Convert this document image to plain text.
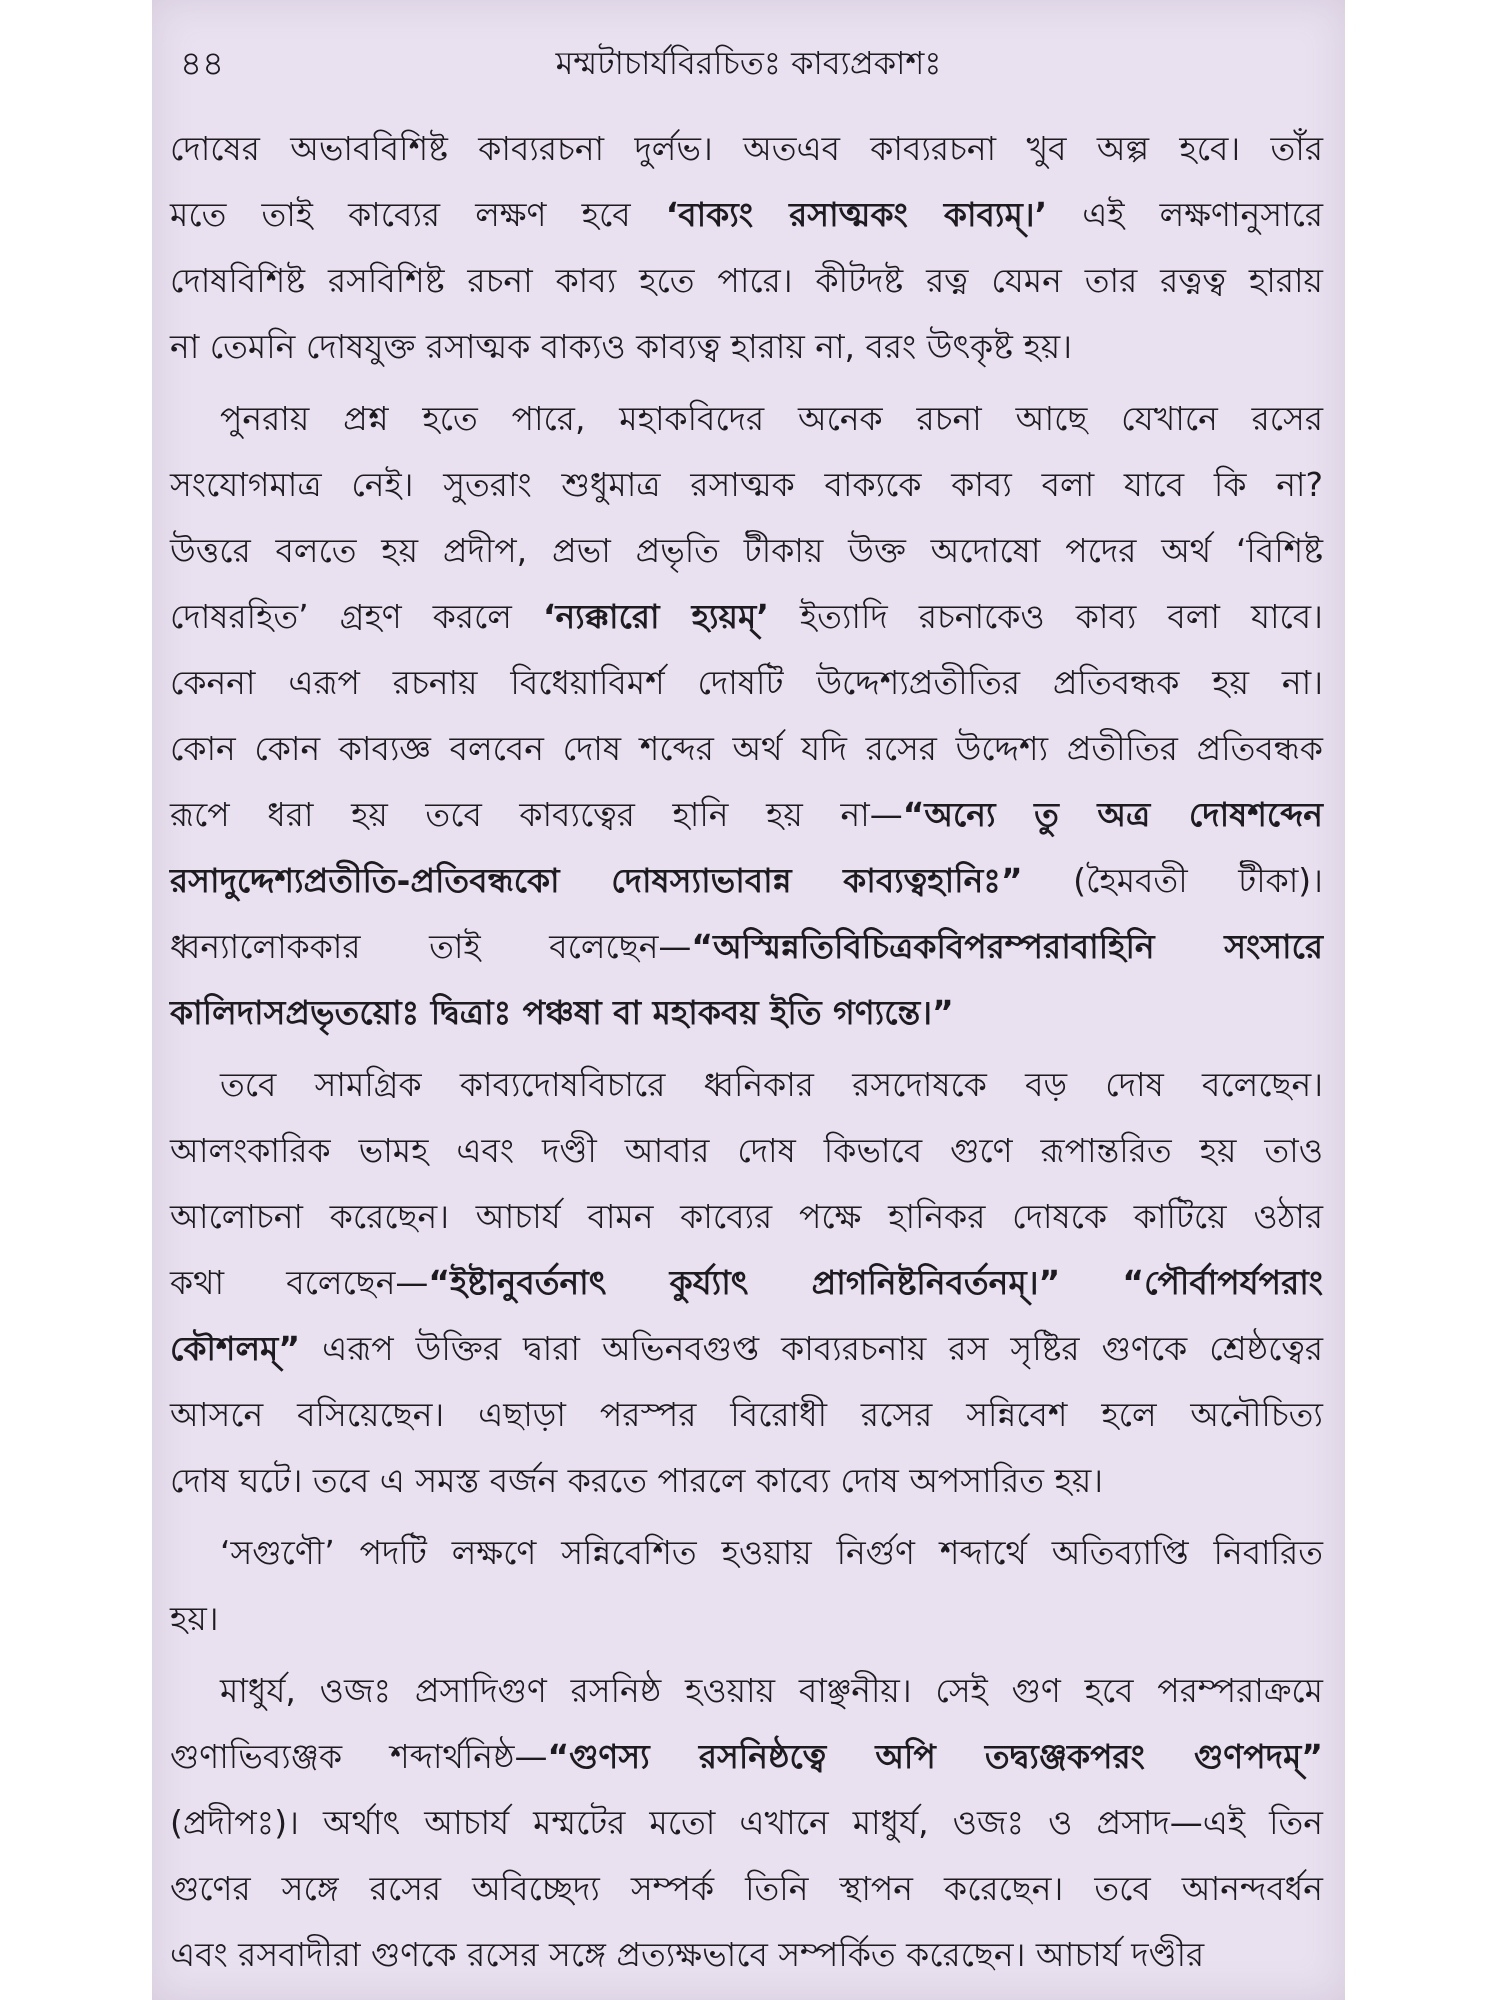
৪৪	মম্মটাচার্যবিরচিতঃ কাব্যপ্রকাশঃ
দোষের অভাববিশিষ্ট কাব্যরচনা দুর্লভ। অতএব কাব্যরচনা খুব অল্প হবে। তাঁর
মতে তাই কাব্যের লক্ষণ হবে ‘বাক্যং রসাত্মকং কাব্যম্।’ এই লক্ষণানুসারে
দোষবিশিষ্ট রসবিশিষ্ট রচনা কাব্য হতে পারে। কীটদষ্ট রত্ন যেমন তার রত্নত্ব হারায়
না তেমনি দোষযুক্ত রসাত্মক বাক্যও কাব্যত্ব হারায় না, বরং উৎকৃষ্ট হয়।
পুনরায় প্রশ্ন হতে পারে, মহাকবিদের অনেক রচনা আছে যেখানে রসের
সংযোগমাত্র নেই। সুতরাং শুধুমাত্র রসাত্মক বাক্যকে কাব্য বলা যাবে কি না?
উত্তরে বলতে হয় প্রদীপ, প্রভা প্রভৃতি টীকায় উক্ত অদোষো পদের অর্থ ‘বিশিষ্ট
দোষরহিত’ গ্রহণ করলে ‘ন্যক্কারো হ্যয়ম্’ ইত্যাদি রচনাকেও কাব্য বলা যাবে।
কেননা এরূপ রচনায় বিধেয়াবিমর্শ দোষটি উদ্দেশ্যপ্রতীতির প্রতিবন্ধক হয় না।
কোন কোন কাব্যজ্ঞ বলবেন দোষ শব্দের অর্থ যদি রসের উদ্দেশ্য প্রতীতির প্রতিবন্ধক
রূপে ধরা হয় তবে কাব্যত্বের হানি হয় না—“অন্যে তু অত্র দোষশব্দেন
রসাদুদ্দেশ্যপ্রতীতি-প্রতিবন্ধকো দোষস্যাভাবান্ন কাব্যত্বহানিঃ” (হৈমবতী টীকা)।
ধ্বন্যালোককার তাই বলেছেন—“অস্মিন্নতিবিচিত্রকবিপরম্পরাবাহিনি সংসারে
কালিদাসপ্রভৃতয়োঃ দ্বিত্রাঃ পঞ্চষা বা মহাকবয় ইতি গণ্যন্তে।”
তবে সামগ্রিক কাব্যদোষবিচারে ধ্বনিকার রসদোষকে বড় দোষ বলেছেন।
আলংকারিক ভামহ এবং দণ্ডী আবার দোষ কিভাবে গুণে রূপান্তরিত হয় তাও
আলোচনা করেছেন। আচার্য বামন কাব্যের পক্ষে হানিকর দোষকে কাটিয়ে ওঠার
কথা বলেছেন—“ইষ্টানুবর্তনাৎ কুর্য্যাৎ প্রাগনিষ্টনিবর্তনম্।” “পৌর্বাপর্যপরাং
কৌশলম্” এরূপ উক্তির দ্বারা অভিনবগুপ্ত কাব্যরচনায় রস সৃষ্টির গুণকে শ্রেষ্ঠত্বের
আসনে বসিয়েছেন। এছাড়া পরস্পর বিরোধী রসের সন্নিবেশ হলে অনৌচিত্য
দোষ ঘটে। তবে এ সমস্ত বর্জন করতে পারলে কাব্যে দোষ অপসারিত হয়।
‘সগুণৌ’ পদটি লক্ষণে সন্নিবেশিত হওয়ায় নির্গুণ শব্দার্থে অতিব্যাপ্তি নিবারিত
হয়।
মাধুর্য, ওজঃ প্রসাদিগুণ রসনিষ্ঠ হওয়ায় বাঞ্ছনীয়। সেই গুণ হবে পরম্পরাক্রমে
গুণাভিব্যঞ্জক শব্দার্থনিষ্ঠ—“গুণস্য রসনিষ্ঠত্বে অপি তদ্ব্যঞ্জকপরং গুণপদম্”
(প্রদীপঃ)। অর্থাৎ আচার্য মম্মটের মতো এখানে মাধুর্য, ওজঃ ও প্রসাদ—এই তিন
গুণের সঙ্গে রসের অবিচ্ছেদ্য সম্পর্ক তিনি স্থাপন করেছেন। তবে আনন্দবর্ধন
এবং রসবাদীরা গুণকে রসের সঙ্গে প্রত্যক্ষভাবে সম্পর্কিত করেছেন। আচার্য দণ্ডীর
